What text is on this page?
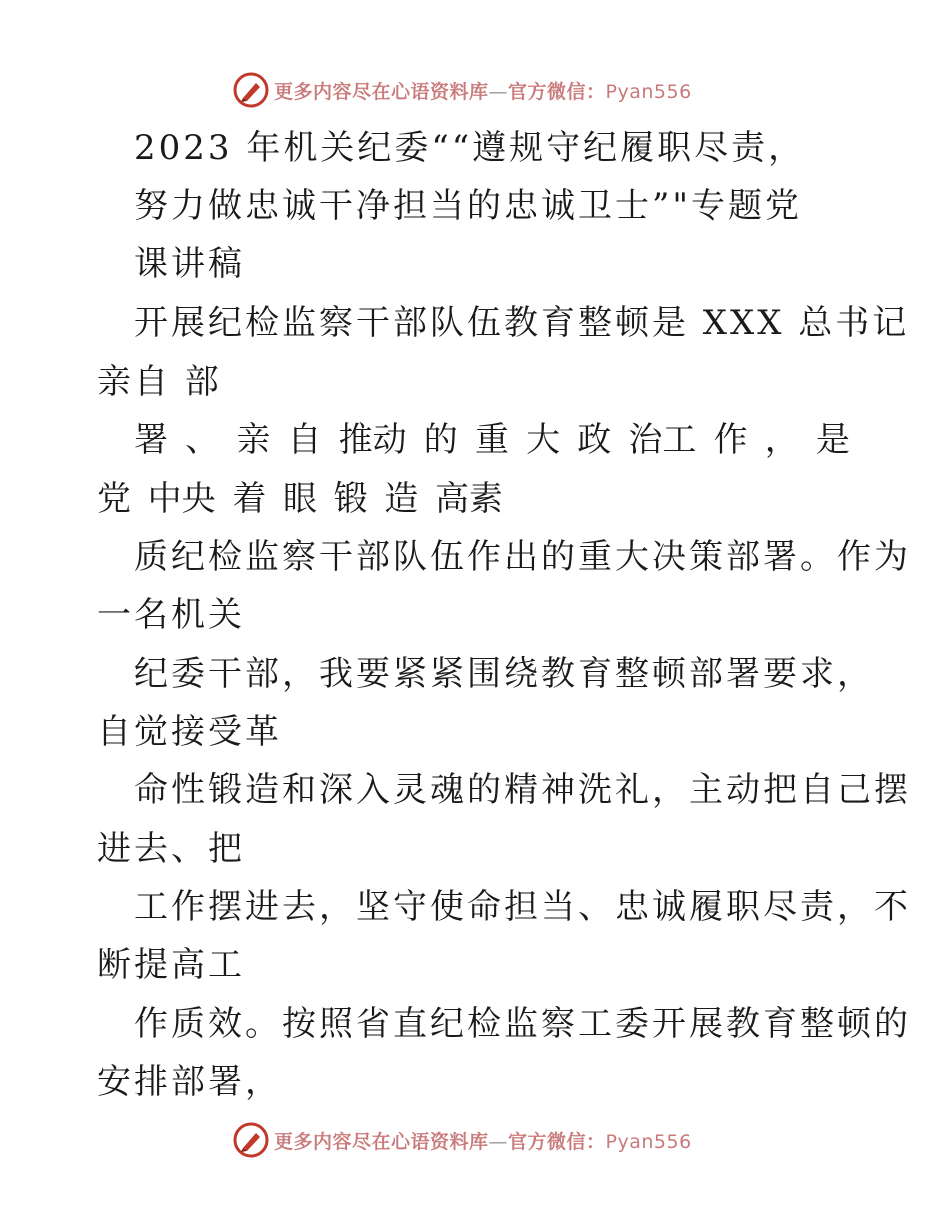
更多内容尽在心语资料库—官方微信：Pyan556
2023 年机关纪委““遵规守纪履职尽责，
努力做忠诚干净担当的忠诚卫士”"专题党
课讲稿
开展纪检监察干部队伍教育整顿是 XXX 总书记
亲自 部
署 、 亲 自 推动 的 重 大 政 治工 作 ， 是
党 中央 着 眼 锻 造 高素
质纪检监察干部队伍作出的重大决策部署。作为
一名机关
纪委干部，我要紧紧围绕教育整顿部署要求，
自觉接受革
命性锻造和深入灵魂的精神洗礼，主动把自己摆
进去、把
工作摆进去，坚守使命担当、忠诚履职尽责，不
断提高工
作质效。按照省直纪检监察工委开展教育整顿的
安排部署，
更多内容尽在心语资料库—官方微信：Pyan556
